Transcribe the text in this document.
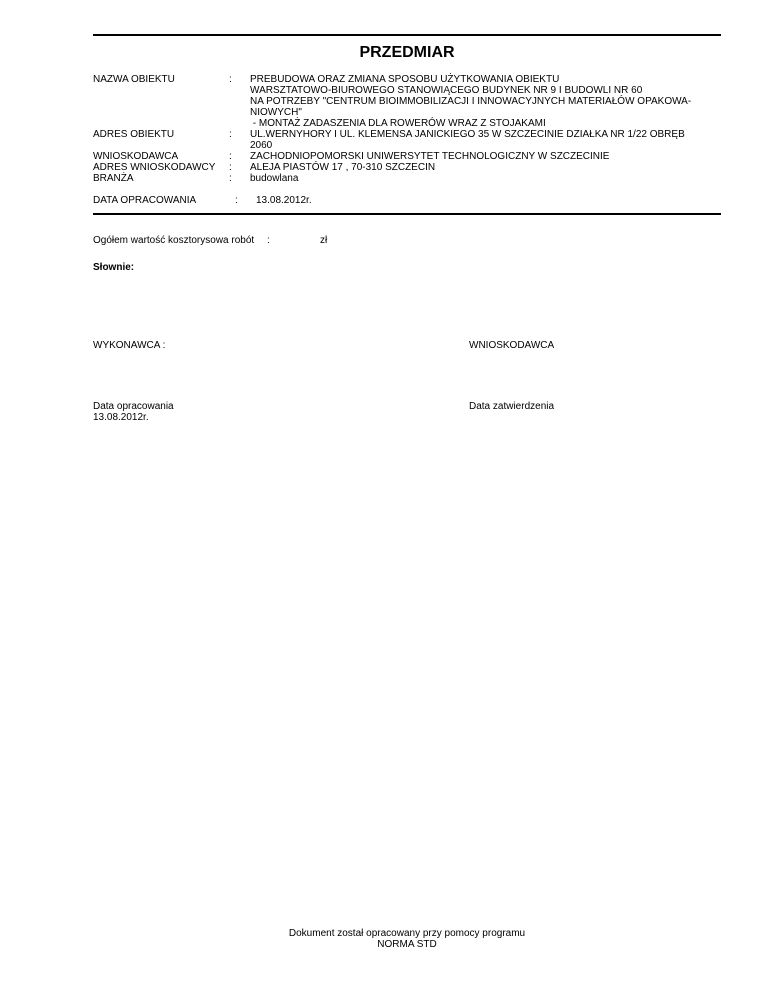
PRZEDMIAR
NAZWA OBIEKTU	: PREBUDOWA ORAZ ZMIANA SPOSOBU UŻYTKOWANIA OBIEKTU
WARSZTATOWO-BIUROWEGO STANOWIĄCEGO BUDYNEK NR 9 I BUDOWLI NR 60
NA POTRZEBY "CENTRUM BIOIMMOBILIZACJI I INNOWACYJNYCH MATERIAŁÓW OPAKOWA-
NIOWYCH"
- MONTAŻ ZADASZENIA DLA ROWERÓW WRAZ Z STOJAKAMI
ADRES OBIEKTU	: UL.WERNYHORY I UL. KLEMENSA JANICKIEGO 35 W SZCZECINIE DZIAŁKA NR 1/22 OBRĘB
2060
WNIOSKODAWCA	: ZACHODNIOPOMORSKI UNIWERSYTET TECHNOLOGICZNY W SZCZECINIE
ADRES WNIOSKODAWCY : ALEJA PIASTÓW 17 , 70-310 SZCZECIN
BRANŻA	: budowlana
DATA OPRACOWANIA	: 13.08.2012r.
Ogółem wartość kosztorysowa robót :	zł
Słownie:
WYKONAWCA :	WNIOSKODAWCA
Data opracowania
13.08.2012r.
Data zatwierdzenia
Dokument został opracowany przy pomocy programu
NORMA STD
